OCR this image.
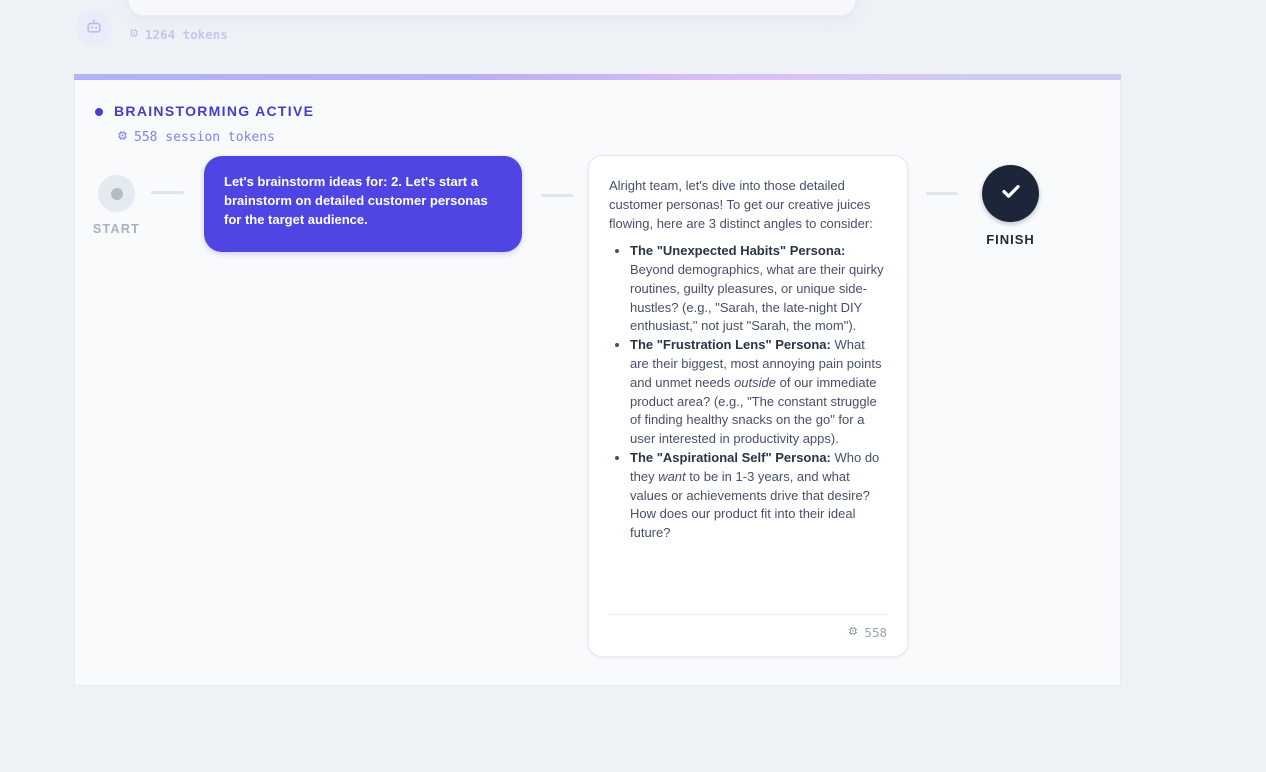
1264 tokens
BRAINSTORMING ACTIVE
558 session tokens
START
Let's brainstorm ideas for: 2. Let's start a brainstorm on detailed customer personas for the target audience.

Alright team, let's dive into those detailed customer personas! To get our creative juices flowing, here are 3 distinct angles to consider:

• The "Unexpected Habits" Persona: Beyond demographics, what are their quirky routines, guilty pleasures, or unique side-hustles? (e.g., "Sarah, the late-night DIY enthusiast," not just "Sarah, the mom").
• The "Frustration Lens" Persona: What are their biggest, most annoying pain points and unmet needs outside of our immediate product area? (e.g., "The constant struggle of finding healthy snacks on the go" for a user interested in productivity apps).
• The "Aspirational Self" Persona: Who do they want to be in 1-3 years, and what values or achievements drive that desire? How does our product fit into their ideal future?
558
FINISH
